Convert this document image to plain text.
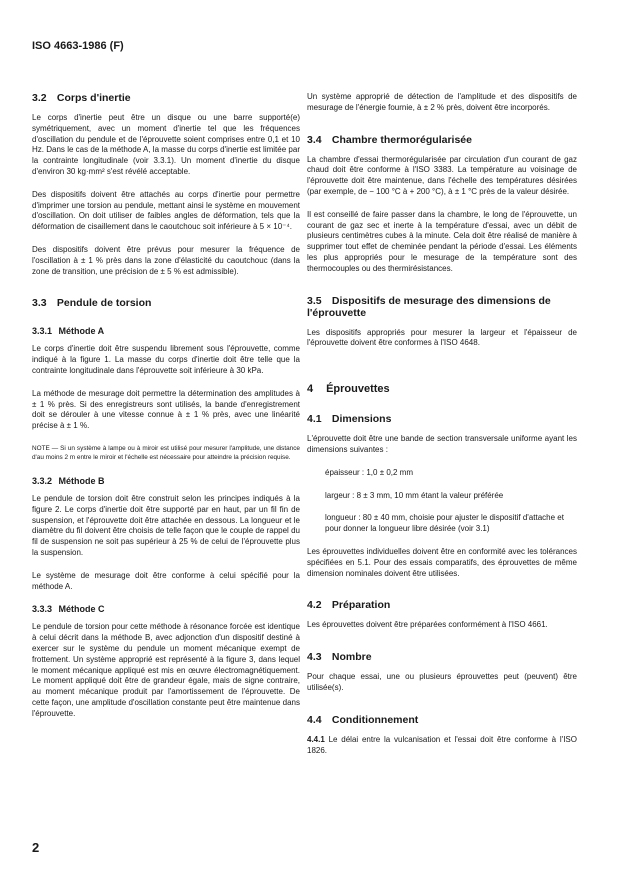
ISO 4663-1986 (F)
3.2 Corps d'inertie

Le corps d'inertie peut être un disque ou une barre supporté(e) symétriquement, avec un moment d'inertie tel que les fréquences d'oscillation du pendule et de l'éprouvette soient comprises entre 0,1 et 10 Hz. Dans le cas de la méthode A, la masse du corps d'inertie est limitée par la contrainte longitudinale (voir 3.3.1). Un moment d'inertie du disque d'environ 30 kg·mm² s'est révélé acceptable.

Des dispositifs doivent être attachés au corps d'inertie pour permettre d'imprimer une torsion au pendule, mettant ainsi le système en mouvement d'oscillation. On doit utiliser de faibles angles de déformation, tels que la déformation de cisaillement dans le caoutchouc soit inférieure à 5 × 10⁻⁴.

Des dispositifs doivent être prévus pour mesurer la fréquence de l'oscillation à ± 1 % près dans la zone d'élasticité du caoutchouc (dans la zone de transition, une précision de ± 5 % est admissible).

3.3 Pendule de torsion
3.3.1 Méthode A

Le corps d'inertie doit être suspendu librement sous l'éprouvette, comme indiqué à la figure 1. La masse du corps d'inertie doit être telle que la contrainte longitudinale dans l'éprouvette soit inférieure à 30 kPa.

La méthode de mesurage doit permettre la détermination des amplitudes à ± 1 % près. Si des enregistreurs sont utilisés, la bande d'enregistrement doit se dérouler à une vitesse connue à ± 1 % près, avec une linéarité précise à ± 1 %.

NOTE — Si un système à lampe ou à miroir est utilisé pour mesurer l'amplitude, une distance d'au moins 2 m entre le miroir et l'échelle est nécessaire pour atteindre la précision requise.

3.3.2 Méthode B

Le pendule de torsion doit être construit selon les principes indiqués à la figure 2. Le corps d'inertie doit être supporté par en haut, par un fil fin de suspension, et l'éprouvette doit être attachée en dessous. La longueur et le diamètre du fil doivent être choisis de telle façon que le couple de rappel du fil de suspension ne soit pas supérieur à 25 % de celui de l'éprouvette plus la suspension.

Le système de mesurage doit être conforme à celui spécifié pour la méthode A.

3.3.3 Méthode C

Le pendule de torsion pour cette méthode à résonance forcée est identique à celui décrit dans la méthode B, avec adjonction d'un dispositif destiné à exercer sur le système du pendule un moment mécanique exempt de frottement. Un système approprié est représenté à la figure 3, dans lequel le moment mécanique appliqué est mis en œuvre électromagnétiquement. Le moment appliqué doit être de grandeur égale, mais de signe contraire, au moment mécanique produit par l'amortissement de l'éprouvette. De cette façon, une amplitude d'oscillation constante peut être maintenue dans l'éprouvette.

Un système approprié de détection de l'amplitude et des dispositifs de mesurage de l'énergie fournie, à ± 2 % près, doivent être incorporés.

3.4 Chambre thermorégularisée

La chambre d'essai thermorégularisée par circulation d'un courant de gaz chaud doit être conforme à l'ISO 3383. La température au voisinage de l'éprouvette doit être maintenue, dans l'échelle des températures désirées (par exemple, de − 100 °C à + 200 °C), à ± 1 °C près de la valeur désirée.

Il est conseillé de faire passer dans la chambre, le long de l'éprouvette, un courant de gaz sec et inerte à la température d'essai, avec un débit de plusieurs centimètres cubes à la minute. Cela doit être réalisé de manière à supprimer tout effet de cheminée pendant la période d'essai. Les éléments les plus appropriés pour le mesurage de la température sont des thermocouples ou des thermirésistances.

3.5 Dispositifs de mesurage des dimensions de l'éprouvette

Les dispositifs appropriés pour mesurer la largeur et l'épaisseur de l'éprouvette doivent être conformes à l'ISO 4648.

4 Éprouvettes
4.1 Dimensions

L'éprouvette doit être une bande de section transversale uniforme ayant les dimensions suivantes :

épaisseur : 1,0 ± 0,2 mm

largeur : 8 ± 3 mm, 10 mm étant la valeur préférée

longueur : 80 ± 40 mm, choisie pour ajuster le dispositif d'attache et pour donner la longueur libre désirée (voir 3.1)

Les éprouvettes individuelles doivent être en conformité avec les tolérances spécifiées en 5.1. Pour des essais comparatifs, des éprouvettes de même dimension nominales doivent être utilisées.

4.2 Préparation

Les éprouvettes doivent être préparées conformément à l'ISO 4661.

4.3 Nombre

Pour chaque essai, une ou plusieurs éprouvettes peut (peuvent) être utilisée(s).

4.4 Conditionnement

4.4.1 Le délai entre la vulcanisation et l'essai doit être conforme à l'ISO 1826.

2
